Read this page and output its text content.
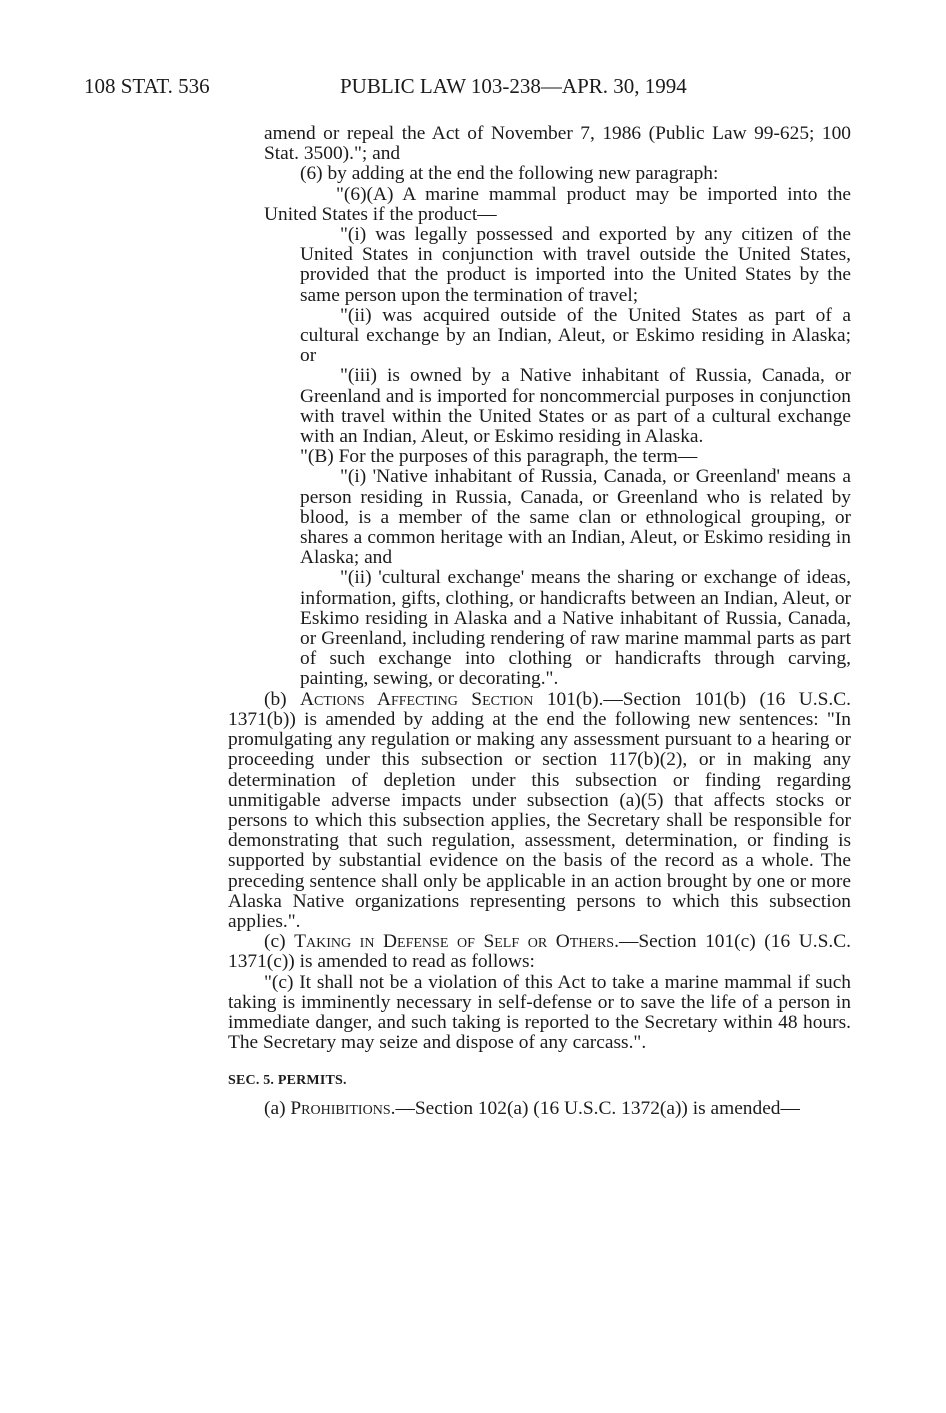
108 STAT. 536	PUBLIC LAW 103-238—APR. 30, 1994

amend or repeal the Act of November 7, 1986 (Public Law 99-625; 100 Stat. 3500)."; and

(6) by adding at the end the following new paragraph:

"(6)(A) A marine mammal product may be imported into the United States if the product—

"(i) was legally possessed and exported by any citizen of the United States in conjunction with travel outside the United States, provided that the product is imported into the United States by the same person upon the termination of travel;

"(ii) was acquired outside of the United States as part of a cultural exchange by an Indian, Aleut, or Eskimo residing in Alaska; or

"(iii) is owned by a Native inhabitant of Russia, Canada, or Greenland and is imported for noncommercial purposes in conjunction with travel within the United States or as part of a cultural exchange with an Indian, Aleut, or Eskimo residing in Alaska.

"(B) For the purposes of this paragraph, the term—

"(i) 'Native inhabitant of Russia, Canada, or Greenland' means a person residing in Russia, Canada, or Greenland who is related by blood, is a member of the same clan or ethnological grouping, or shares a common heritage with an Indian, Aleut, or Eskimo residing in Alaska; and

"(ii) 'cultural exchange' means the sharing or exchange of ideas, information, gifts, clothing, or handicrafts between an Indian, Aleut, or Eskimo residing in Alaska and a Native inhabitant of Russia, Canada, or Greenland, including rendering of raw marine mammal parts as part of such exchange into clothing or handicrafts through carving, painting, sewing, or decorating.".

(b) Actions Affecting Section 101(b).—Section 101(b) (16 U.S.C. 1371(b)) is amended by adding at the end the following new sentences: "In promulgating any regulation or making any assessment pursuant to a hearing or proceeding under this subsection or section 117(b)(2), or in making any determination of depletion under this subsection or finding regarding unmitigable adverse impacts under subsection (a)(5) that affects stocks or persons to which this subsection applies, the Secretary shall be responsible for demonstrating that such regulation, assessment, determination, or finding is supported by substantial evidence on the basis of the record as a whole. The preceding sentence shall only be applicable in an action brought by one or more Alaska Native organizations representing persons to which this subsection applies.".

(c) Taking in Defense of Self or Others.—Section 101(c) (16 U.S.C. 1371(c)) is amended to read as follows:

"(c) It shall not be a violation of this Act to take a marine mammal if such taking is imminently necessary in self-defense or to save the life of a person in immediate danger, and such taking is reported to the Secretary within 48 hours. The Secretary may seize and dispose of any carcass.".

SEC. 5. PERMITS.

(a) Prohibitions.—Section 102(a) (16 U.S.C. 1372(a)) is amended—
